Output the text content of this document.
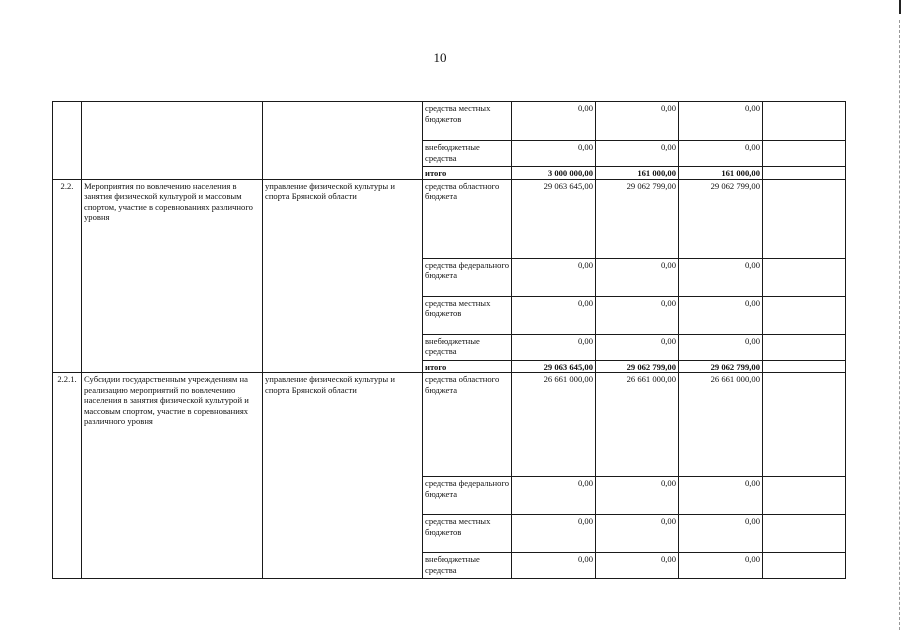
10
			средства местных бюджетов	0,00	0,00	0,00	
			внебюджетные средства	0,00	0,00	0,00	
			итого	3 000 000,00	161 000,00	161 000,00	
2.2.	Мероприятия по вовлечению населения в занятия физической культурой и массовым спортом, участие в соревнованиях различного уровня	управление физической культуры и спорта Брянской области	средства областного бюджета	29 063 645,00	29 062 799,00	29 062 799,00	
			средства федерального бюджета	0,00	0,00	0,00	
			средства местных бюджетов	0,00	0,00	0,00	
			внебюджетные средства	0,00	0,00	0,00	
			итого	29 063 645,00	29 062 799,00	29 062 799,00	
2.2.1.	Субсидии государственным учреждениям на реализацию мероприятий по вовлечению населения в занятия физической культурой и массовым спортом, участие в соревнованиях различного уровня	управление физической культуры и спорта Брянской области	средства областного бюджета	26 661 000,00	26 661 000,00	26 661 000,00	
			средства федерального бюджета	0,00	0,00	0,00	
			средства местных бюджетов	0,00	0,00	0,00	
			внебюджетные средства	0,00	0,00	0,00	
